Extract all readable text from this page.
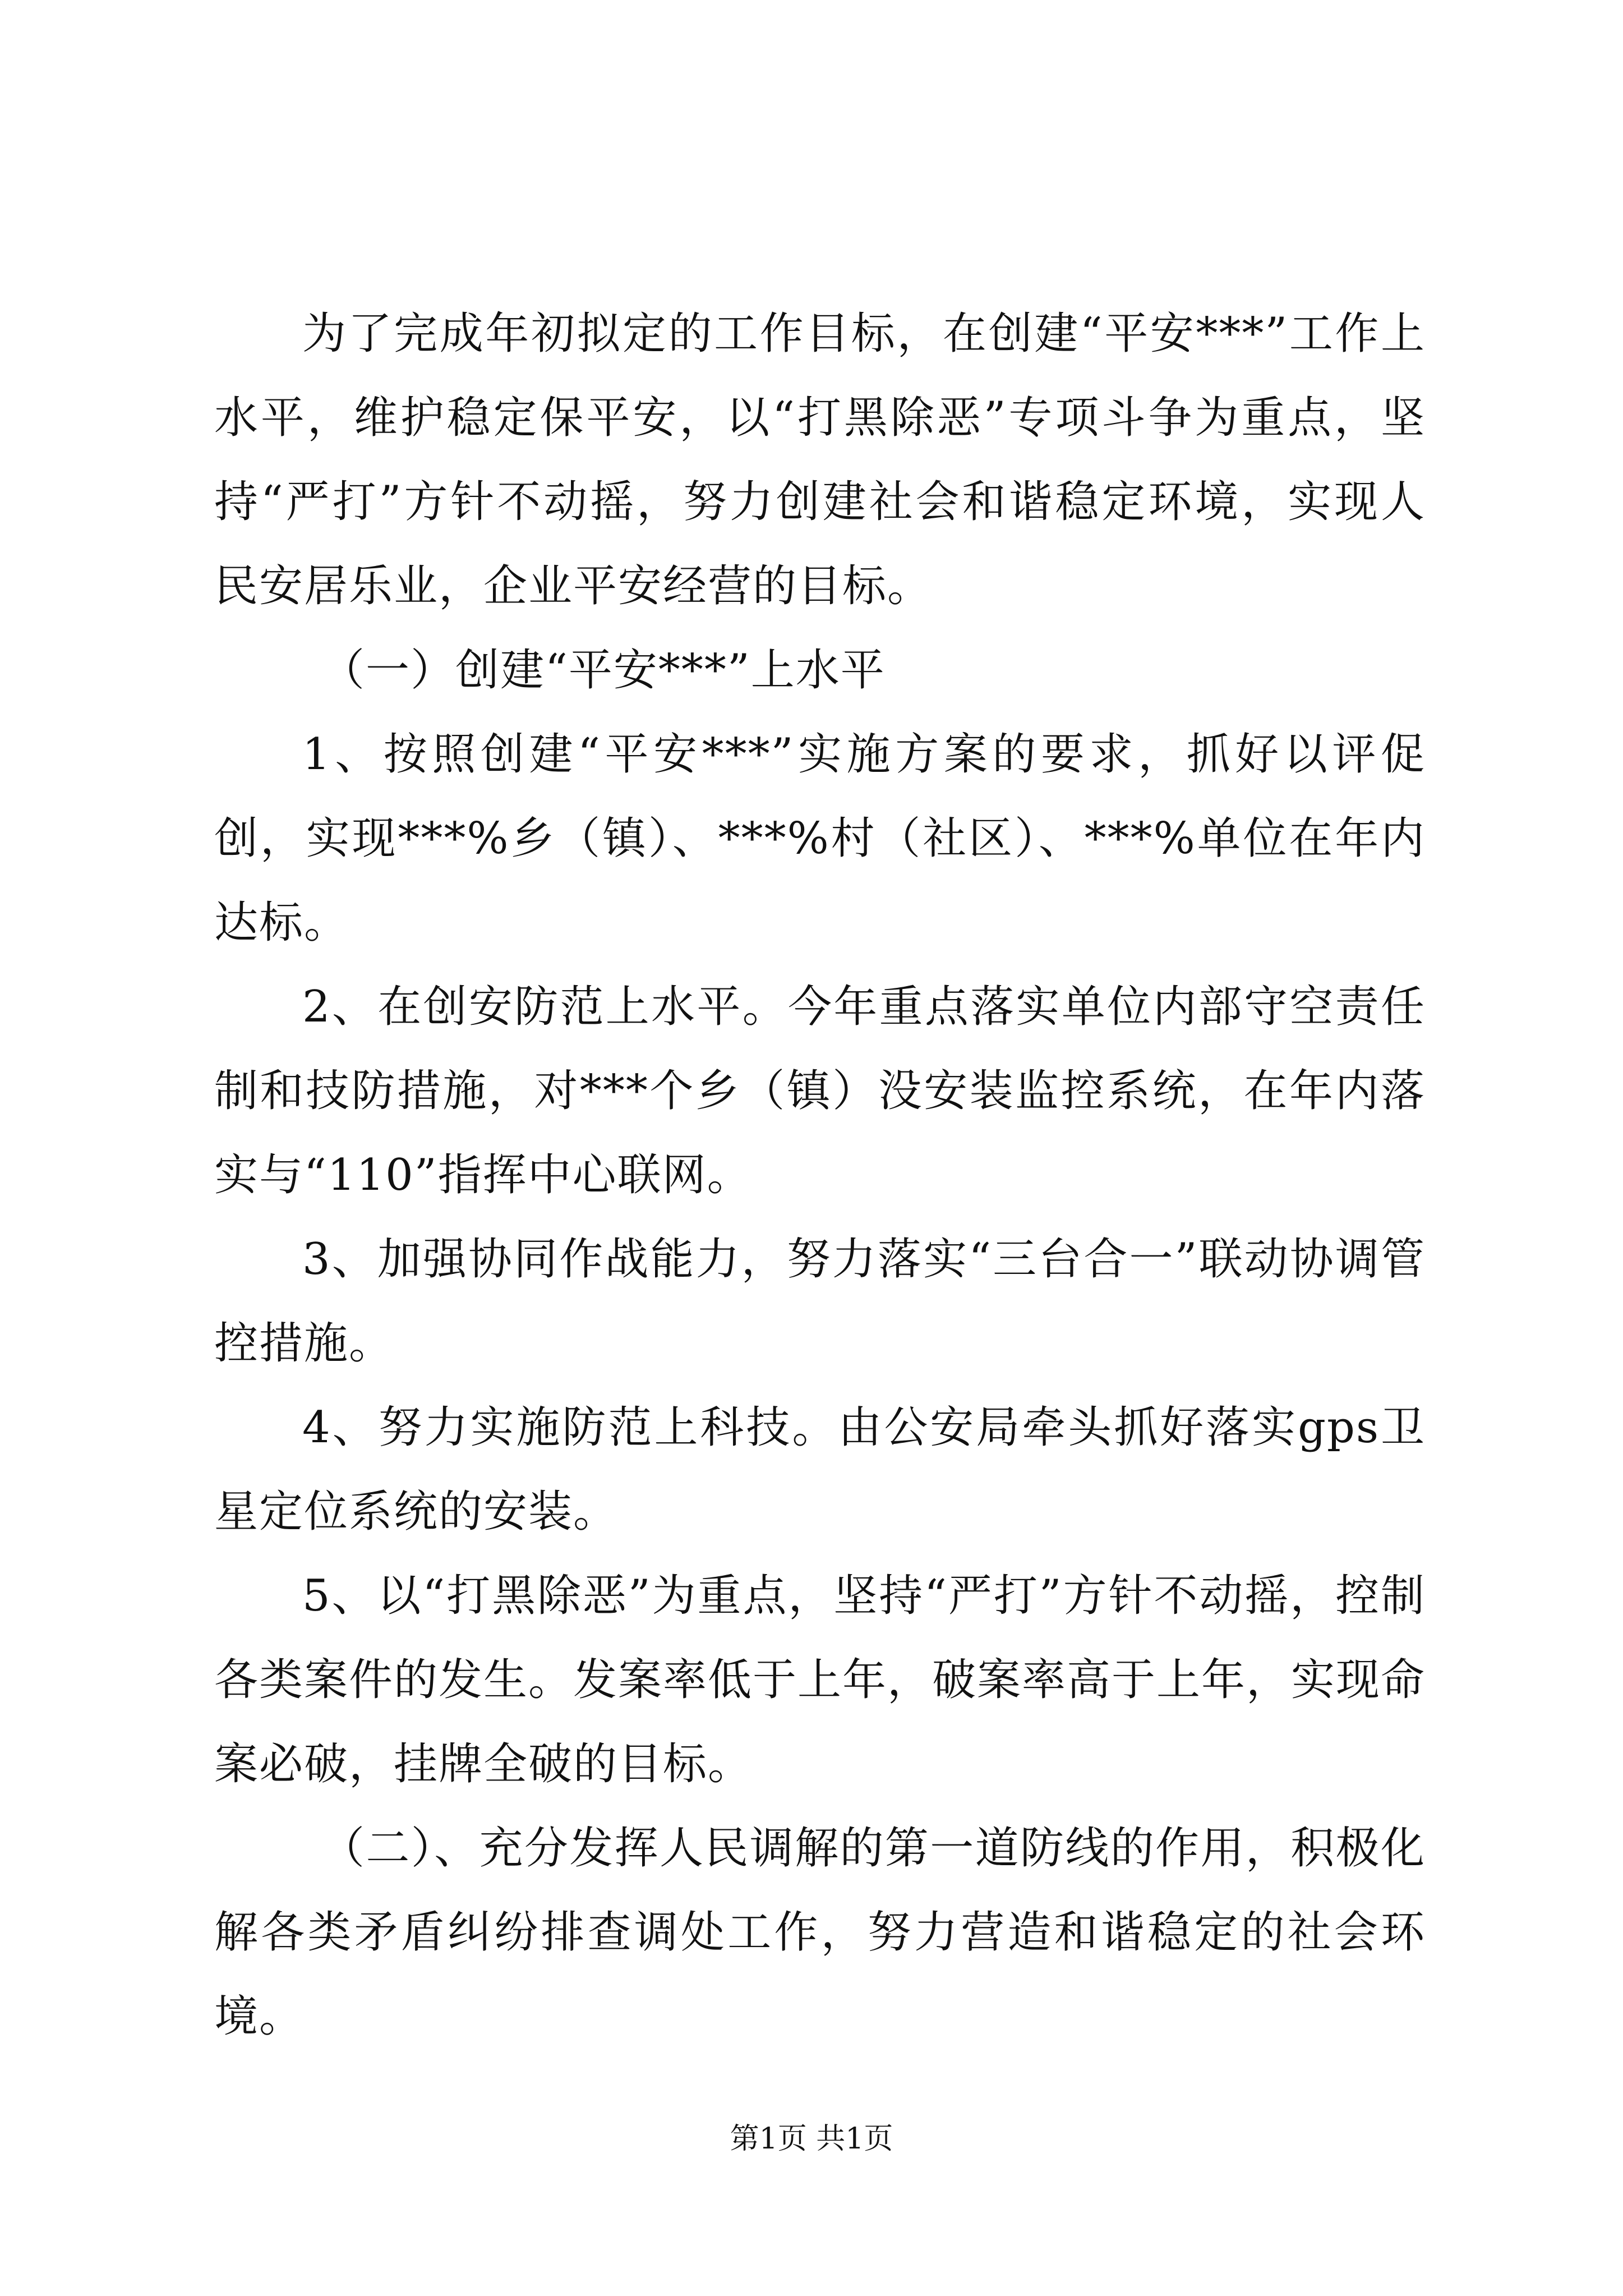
为了完成年初拟定的工作目标，在创建“平安***”工作上水平，维护稳定保平安，以“打黑除恶”专项斗争为重点，坚持“严打”方针不动摇，努力创建社会和谐稳定环境，实现人民安居乐业，企业平安经营的目标。

（一）创建“平安***”上水平

1、按照创建“平安***”实施方案的要求，抓好以评促创，实现***%乡（镇）、***%村（社区）、***%单位在年内达标。

2、在创安防范上水平。今年重点落实单位内部守空责任制和技防措施，对***个乡（镇）没安装监控系统，在年内落实与“110”指挥中心联网。

3、加强协同作战能力，努力落实“三台合一”联动协调管控措施。

4、努力实施防范上科技。由公安局牵头抓好落实gps卫星定位系统的安装。

5、以“打黑除恶”为重点，坚持“严打”方针不动摇，控制各类案件的发生。发案率低于上年，破案率高于上年，实现命案必破，挂牌全破的目标。

（二）、充分发挥人民调解的第一道防线的作用，积极化解各类矛盾纠纷排查调处工作，努力营造和谐稳定的社会环境。

第1页 共1页
